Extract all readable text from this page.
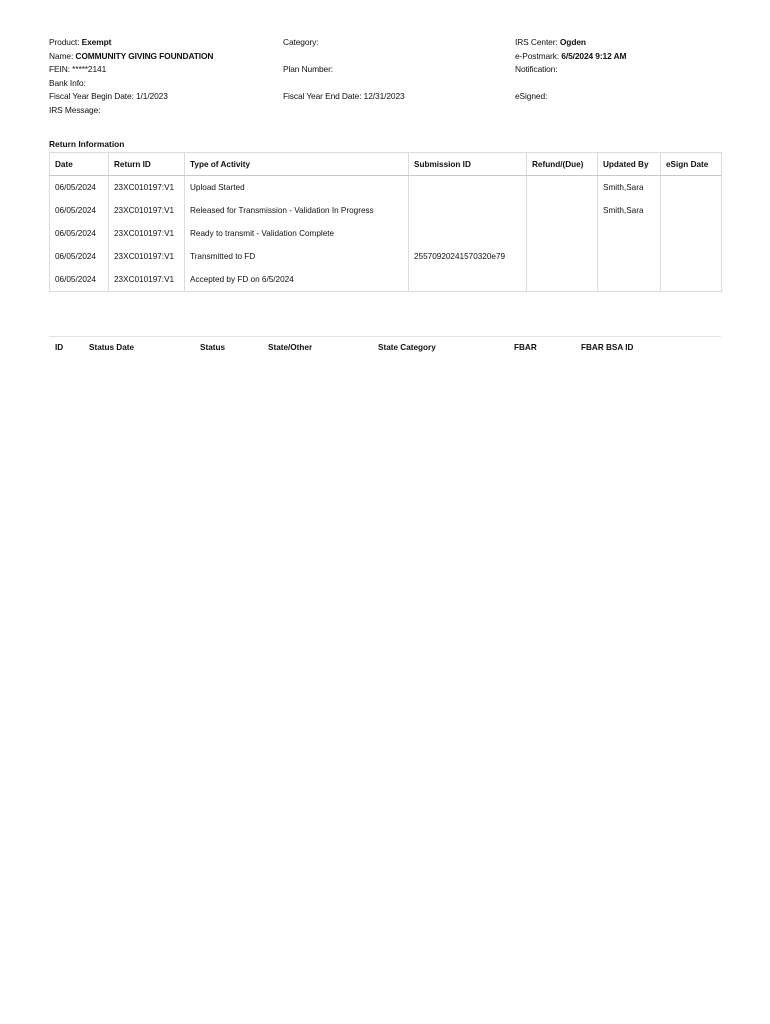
Product: Exempt
Name: COMMUNITY GIVING FOUNDATION
FEIN: *****2141
Bank Info:
Fiscal Year Begin Date: 1/1/2023
IRS Message:
Category:
Plan Number:
Fiscal Year End Date: 12/31/2023
IRS Center: Ogden
e-Postmark: 6/5/2024 9:12 AM
Notification:
eSigned:
Return Information
Date	Return ID	Type of Activity	Submission ID	Refund/(Due)	Updated By	eSign Date
06/05/2024	23XC010197:V1	Upload Started			Smith,Sara	
06/05/2024	23XC010197:V1	Released for Transmission - Validation In Progress			Smith,Sara	
06/05/2024	23XC010197:V1	Ready to transmit - Validation Complete				
06/05/2024	23XC010197:V1	Transmitted to FD	25570920241570320e79			
06/05/2024	23XC010197:V1	Accepted by FD on 6/5/2024				
ID	Status Date	Status	State/Other	State Category	FBAR	FBAR BSA ID
